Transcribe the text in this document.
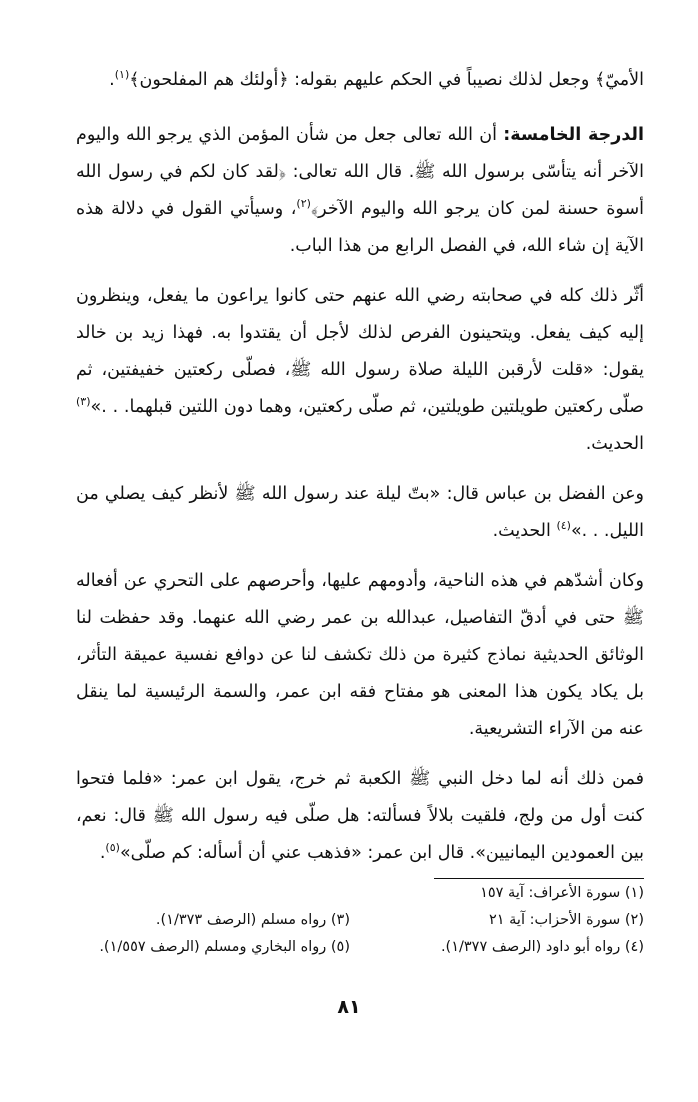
الأميّ﴾ وجعل لذلك نصيباً في الحكم عليهم بقوله: ﴿أولئك هم المفلحون﴾$^{(١)}$.
الدرجة الخامسة: أن الله تعالى جعل من شأن المؤمن الذي يرجو الله واليوم الآخر أنه يتأسّى برسول الله ﷺ. قال الله تعالى: ﴿لقد كان لكم في رسول الله أسوة حسنة لمن كان يرجو الله واليوم الآخر﴾$^{(٢)}$، وسيأتي القول في دلالة هذه الآية إن شاء الله، في الفصل الرابع من هذا الباب.
أثّر ذلك كله في صحابته رضي الله عنهم حتى كانوا يراعون ما يفعل، وينظرون إليه كيف يفعل. ويتحينون الفرص لذلك لأجل أن يقتدوا به. فهذا زيد بن خالد يقول: «قلت لأرقبن الليلة صلاة رسول الله ﷺ، فصلّى ركعتين خفيفتين، ثم صلّى ركعتين طويلتين طويلتين، ثم صلّى ركعتين، وهما دون اللتين قبلهما. . .»$^{(٣)}$ الحديث.
وعن الفضل بن عباس قال: «بتّ ليلة عند رسول الله ﷺ لأنظر كيف يصلي من الليل. . .»$^{(٤)}$ الحديث.
وكان أشدّهم في هذه الناحية، وأدومهم عليها، وأحرصهم على التحري عن أفعاله ﷺ حتى في أدقّ التفاصيل، عبدالله بن عمر رضي الله عنهما. وقد حفظت لنا الوثائق الحديثية نماذج كثيرة من ذلك تكشف لنا عن دوافع نفسية عميقة التأثر، بل يكاد يكون هذا المعنى هو مفتاح فقه ابن عمر، والسمة الرئيسية لما ينقل عنه من الآراء التشريعية.
فمن ذلك أنه لما دخل النبي ﷺ الكعبة ثم خرج، يقول ابن عمر: «فلما فتحوا كنت أول من ولج، فلقيت بلالاً فسألته: هل صلّى فيه رسول الله ﷺ قال: نعم، بين العمودين اليمانيين». قال ابن عمر: «فذهب عني أن أسأله: كم صلّى»$^{(٥)}$.
(١) سورة الأعراف: آية ١٥٧
(٢) سورة الأحزاب: آية ٢١
(٣) رواه مسلم (الرصف ١/٣٧٣).
(٤) رواه أبو داود (الرصف ١/٣٧٧).
(٥) رواه البخاري ومسلم (الرصف ١/٥٥٧).
٨١
